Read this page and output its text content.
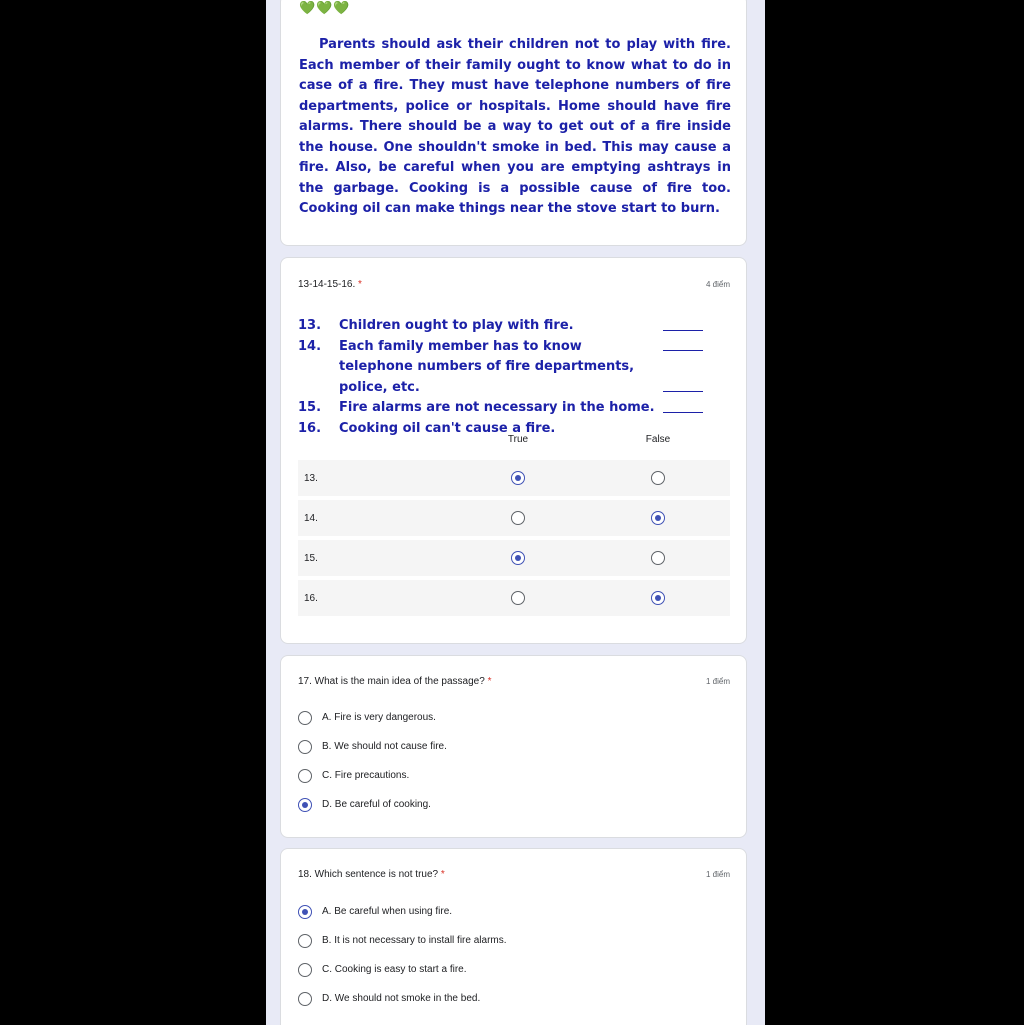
💚💚💚

Parents should ask their children not to play with fire. Each member of their family ought to know what to do in case of a fire. They must have telephone numbers of fire departments, police or hospitals. Home should have fire alarms. There should be a way to get out of a fire inside the house. One shouldn't smoke in bed. This may cause a fire. Also, be careful when you are emptying ashtrays in the garbage. Cooking is a possible cause of fire too. Cooking oil can make things near the stove start to burn.

13-14-15-16. *	4 điểm
13.	Children ought to play with fire.
14.	Each family member has to know telephone numbers of fire departments, police, etc.
15.	Fire alarms are not necessary in the home.
16.	Cooking oil can't cause a fire.
True	False
13.
14.
15.
16.
17. What is the main idea of the passage? *	1 điểm
A. Fire is very dangerous.
B. We should not cause fire.
C. Fire precautions.
D. Be careful of cooking.
18. Which sentence is not true? *	1 điểm
A. Be careful when using fire.
B. It is not necessary to install fire alarms.
C. Cooking is easy to start a fire.
D. We should not smoke in the bed.
